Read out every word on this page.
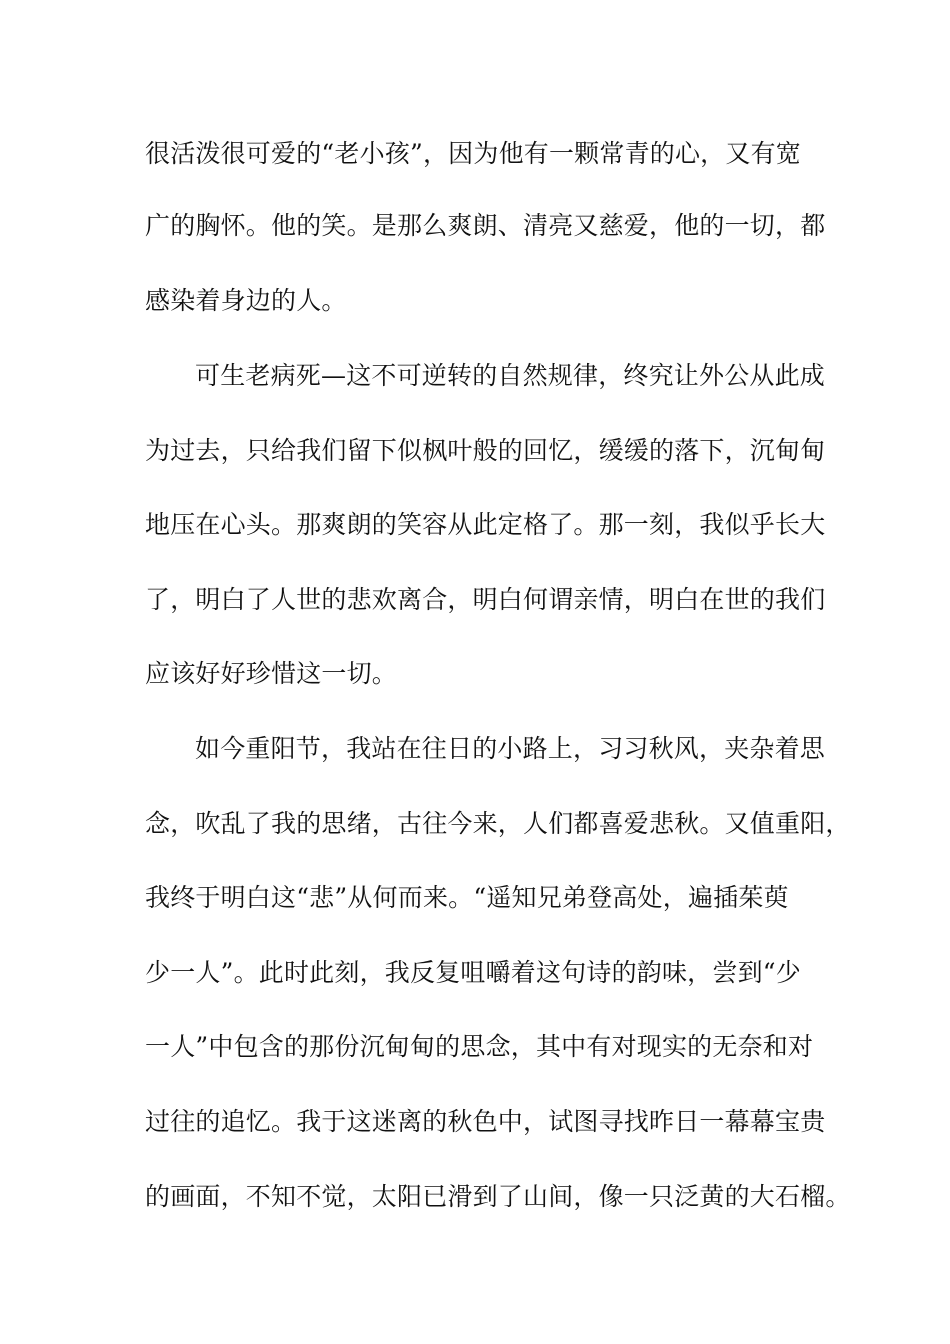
很活泼很可爱的“老小孩”，因为他有一颗常青的心，又有宽
广的胸怀。他的笑。是那么爽朗、清亮又慈爱，他的一切，都
感染着身边的人。
可生老病死—这不可逆转的自然规律，终究让外公从此成
为过去，只给我们留下似枫叶般的回忆，缓缓的落下，沉甸甸
地压在心头。那爽朗的笑容从此定格了。那一刻，我似乎长大
了，明白了人世的悲欢离合，明白何谓亲情，明白在世的我们
应该好好珍惜这一切。
如今重阳节，我站在往日的小路上，习习秋风，夹杂着思
念，吹乱了我的思绪，古往今来，人们都喜爱悲秋。又值重阳，
我终于明白这“悲”从何而来。“遥知兄弟登高处，遍插茱萸
少一人”。此时此刻，我反复咀嚼着这句诗的韵味，尝到“少
一人”中包含的那份沉甸甸的思念，其中有对现实的无奈和对
过往的追忆。我于这迷离的秋色中，试图寻找昨日一幕幕宝贵
的画面，不知不觉，太阳已滑到了山间，像一只泛黄的大石榴。
